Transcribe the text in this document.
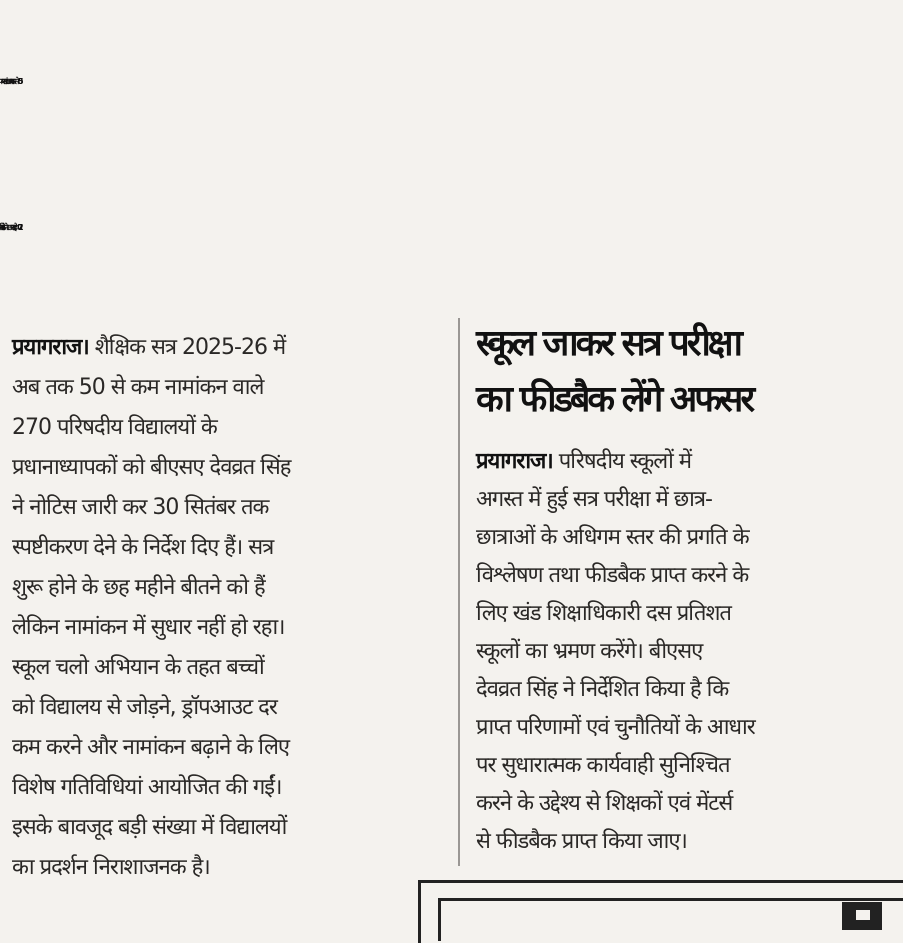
प्रयागराज। शैक्षिक सत्र 2025-26 में
अब तक 50 से कम नामांकन वाले
270 परिषदीय विद्यालयों के
प्रधानाध्यापकों को बीएसए देवव्रत सिंह
ने नोटिस जारी कर 30 सितंबर तक
स्पष्टीकरण देने के निर्देश दिए हैं। सत्र
शुरू होने के छह महीने बीतने को हैं
लेकिन नामांकन में सुधार नहीं हो रहा।
स्कूल चलो अभियान के तहत बच्चों
को विद्यालय से जोड़ने, ड्रॉपआउट दर
कम करने और नामांकन बढ़ाने के लिए
विशेष गतिविधियां आयोजित की गईं।
इसके बावजूद बड़ी संख्या में विद्यालयों
का प्रदर्शन निराशाजनक है।
स्कूल जाकर सत्र परीक्षा
का फीडबैक लेंगे अफसर
प्रयागराज। परिषदीय स्कूलों में
अगस्त में हुई सत्र परीक्षा में छात्र-
छात्राओं के अधिगम स्तर की प्रगति के
विश्लेषण तथा फीडबैक प्राप्त करने के
लिए खंड शिक्षाधिकारी दस प्रतिशत
स्कूलों का भ्रमण करेंगे। बीएसए
देवव्रत सिंह ने निर्देशित किया है कि
प्राप्त परिणामों एवं चुनौतियों के आधार
पर सुधारात्मक कार्यवाही सुनिश्चित
करने के उद्देश्य से शिक्षकों एवं मेंटर्स
से फीडबैक प्राप्त किया जाए।
